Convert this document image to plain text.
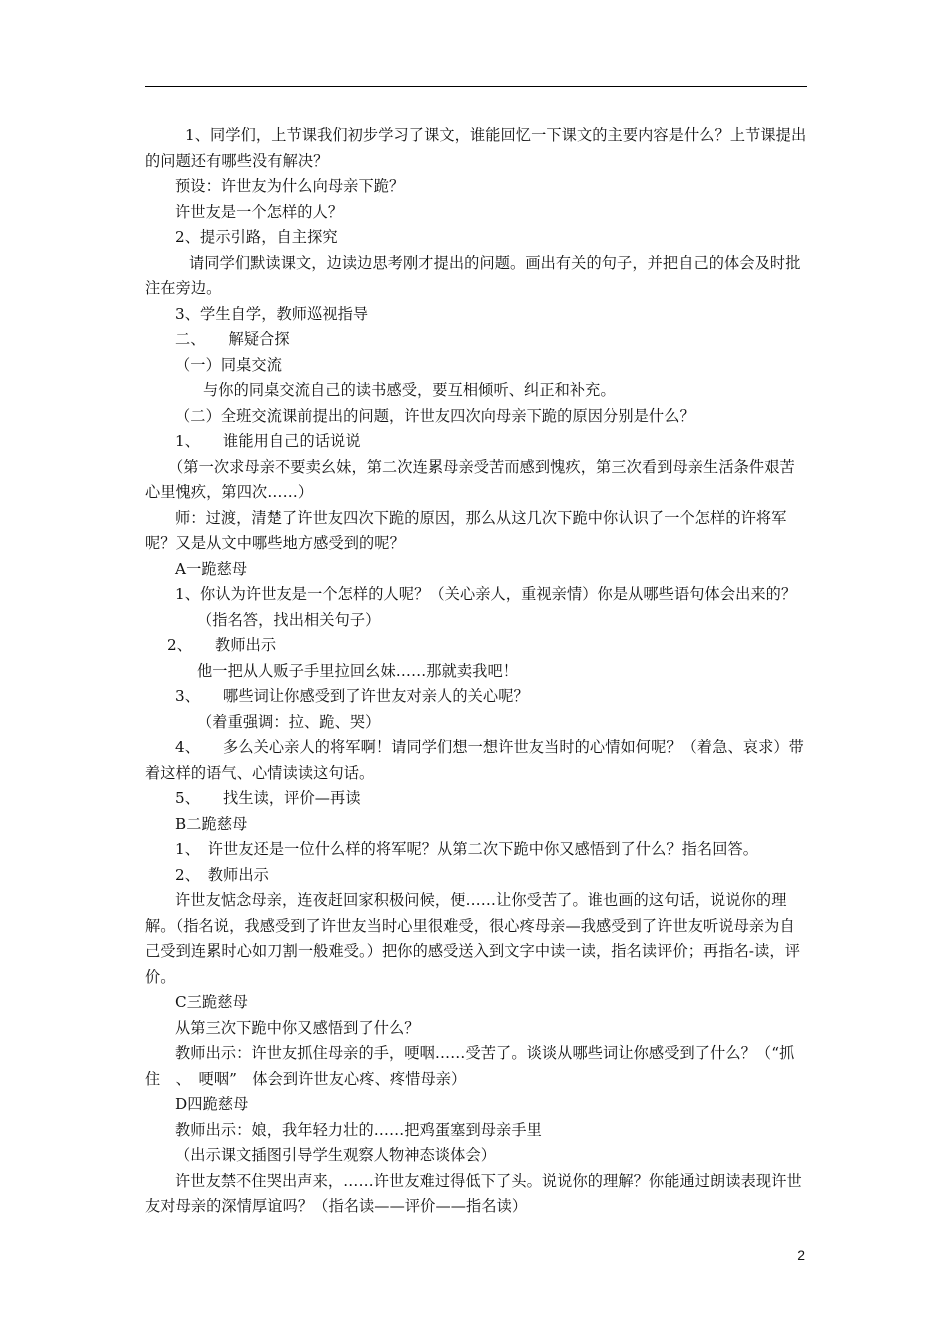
1、同学们，上节课我们初步学习了课文，谁能回忆一下课文的主要内容是什么？上节课提出的问题还有哪些没有解决？

预设：许世友为什么向母亲下跪？

许世友是一个怎样的人？

2、提示引路，自主探究

请同学们默读课文，边读边思考刚才提出的问题。画出有关的句子，并把自己的体会及时批注在旁边。

3、学生自学，教师巡视指导

二、　　解疑合探

（一）同桌交流

与你的同桌交流自己的读书感受，要互相倾听、纠正和补充。

（二）全班交流课前提出的问题，许世友四次向母亲下跪的原因分别是什么？

1、　　谁能用自己的话说说

（第一次求母亲不要卖幺妹，第二次连累母亲受苦而感到愧疚，第三次看到母亲生活条件艰苦心里愧疚，第四次……）

师：过渡，清楚了许世友四次下跪的原因，那么从这几次下跪中你认识了一个怎样的许将军呢？又是从文中哪些地方感受到的呢？

A一跪慈母

1、你认为许世友是一个怎样的人呢？（关心亲人，重视亲情）你是从哪些语句体会出来的？

（指名答，找出相关句子）

2、　　教师出示

他一把从人贩子手里拉回幺妹……那就卖我吧！

3、　　哪些词让你感受到了许世友对亲人的关心呢？

（着重强调：拉、跪、哭）

4、　　多么关心亲人的将军啊！请同学们想一想许世友当时的心情如何呢？（着急、哀求）带着这样的语气、心情读读这句话。

5、　　找生读，评价—再读

B二跪慈母

1、　许世友还是一位什么样的将军呢？从第二次下跪中你又感悟到了什么？指名回答。

2、　教师出示

许世友惦念母亲，连夜赶回家积极问候，便……让你受苦了。谁也画的这句话，说说你的理解。（指名说，我感受到了许世友当时心里很难受，很心疼母亲—我感受到了许世友听说母亲为自己受到连累时心如刀割一般难受。）把你的感受送入到文字中读一读，指名读评价；再指名-读，评价。

C三跪慈母

从第三次下跪中你又感悟到了什么？

教师出示：许世友抓住母亲的手，哽咽……受苦了。谈谈从哪些词让你感受到了什么？（“抓住　、　哽咽”　体会到许世友心疼、疼惜母亲）

D四跪慈母

教师出示：娘，我年轻力壮的……把鸡蛋塞到母亲手里

（出示课文插图引导学生观察人物神态谈体会）

许世友禁不住哭出声来，……许世友难过得低下了头。说说你的理解？你能通过朗读表现许世友对母亲的深情厚谊吗？（指名读——评价——指名读）

2
